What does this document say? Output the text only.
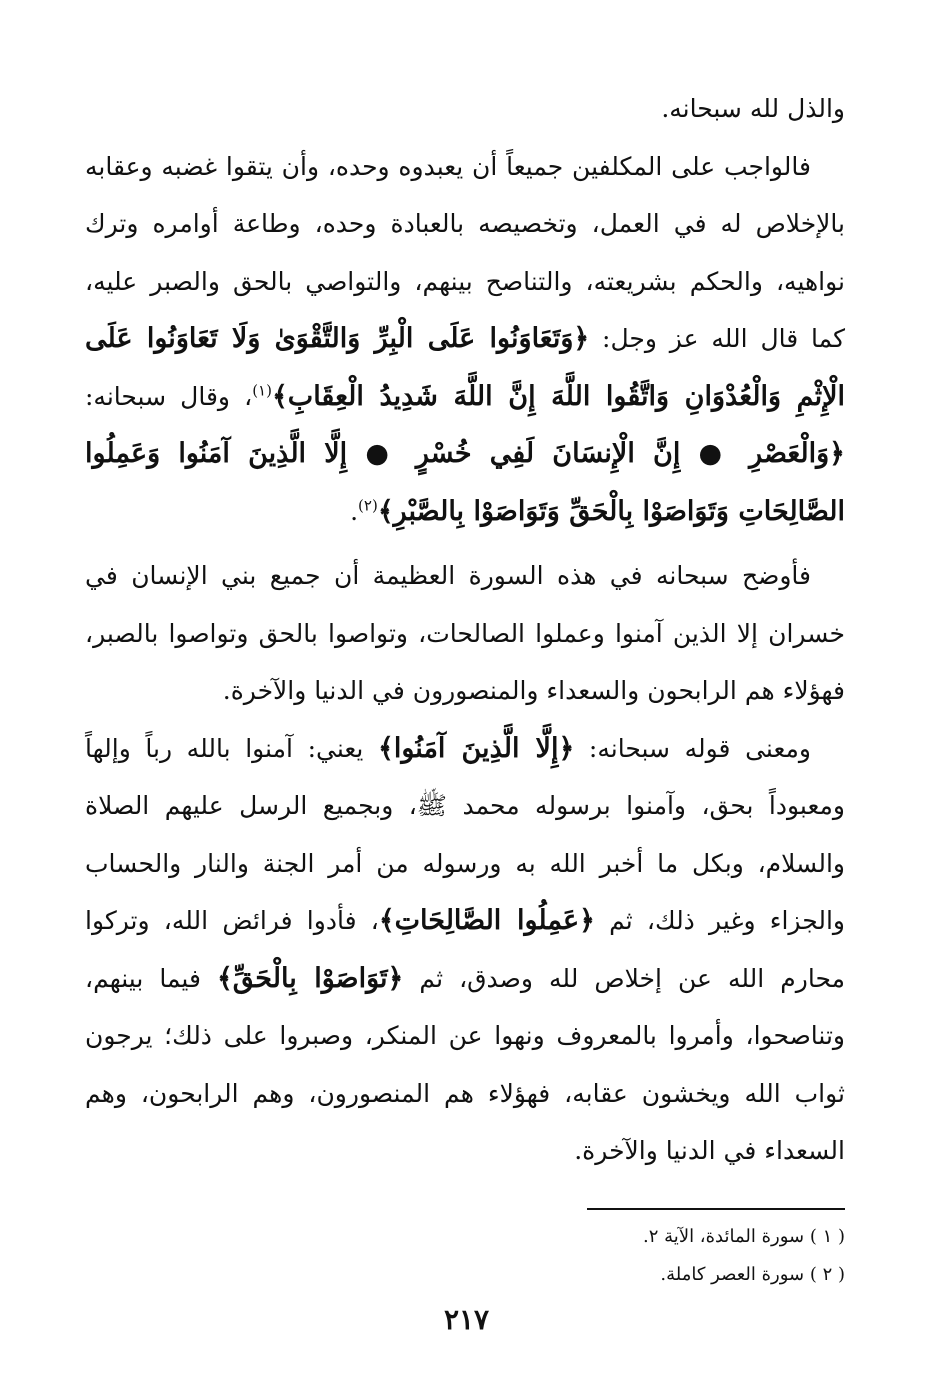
والذل لله سبحانه.

فالواجب على المكلفين جميعاً أن يعبدوه وحده، وأن يتقوا غضبه وعقابه بالإخلاص له في العمل، وتخصيصه بالعبادة وحده، وطاعة أوامره وترك نواهيه، والحكم بشريعته، والتناصح بينهم، والتواصي بالحق والصبر عليه، كما قال الله عز وجل: ﴿وَتَعَاوَنُوا عَلَى الْبِرِّ وَالتَّقْوَىٰ وَلَا تَعَاوَنُوا عَلَى الْإِثْمِ وَالْعُدْوَانِ وَاتَّقُوا اللَّهَ إِنَّ اللَّهَ شَدِيدُ الْعِقَابِ﴾$^{(١)}$، وقال سبحانه: ﴿وَالْعَصْرِ ● إِنَّ الْإِنسَانَ لَفِي خُسْرٍ ● إِلَّا الَّذِينَ آمَنُوا وَعَمِلُوا الصَّالِحَاتِ وَتَوَاصَوْا بِالْحَقِّ وَتَوَاصَوْا بِالصَّبْرِ﴾$^{(٢)}$.

فأوضح سبحانه في هذه السورة العظيمة أن جميع بني الإنسان في خسران إلا الذين آمنوا وعملوا الصالحات، وتواصوا بالحق وتواصوا بالصبر، فهؤلاء هم الرابحون والسعداء والمنصورون في الدنيا والآخرة.

ومعنى قوله سبحانه: ﴿إِلَّا الَّذِينَ آمَنُوا﴾ يعني: آمنوا بالله رباً وإلهاً ومعبوداً بحق، وآمنوا برسوله محمد ﷺ، وبجميع الرسل عليهم الصلاة والسلام، وبكل ما أخبر الله به ورسوله من أمر الجنة والنار والحساب والجزاء وغير ذلك، ثم ﴿عَمِلُوا الصَّالِحَاتِ﴾، فأدوا فرائض الله، وتركوا محارم الله عن إخلاص لله وصدق، ثم ﴿تَوَاصَوْا بِالْحَقِّ﴾ فيما بينهم، وتناصحوا، وأمروا بالمعروف ونهوا عن المنكر، وصبروا على ذلك؛ يرجون ثواب الله ويخشون عقابه، فهؤلاء هم المنصورون، وهم الرابحون، وهم السعداء في الدنيا والآخرة.

( ١ ) سورة المائدة، الآية ٢.

( ٢ ) سورة العصر كاملة.

٢١٧
